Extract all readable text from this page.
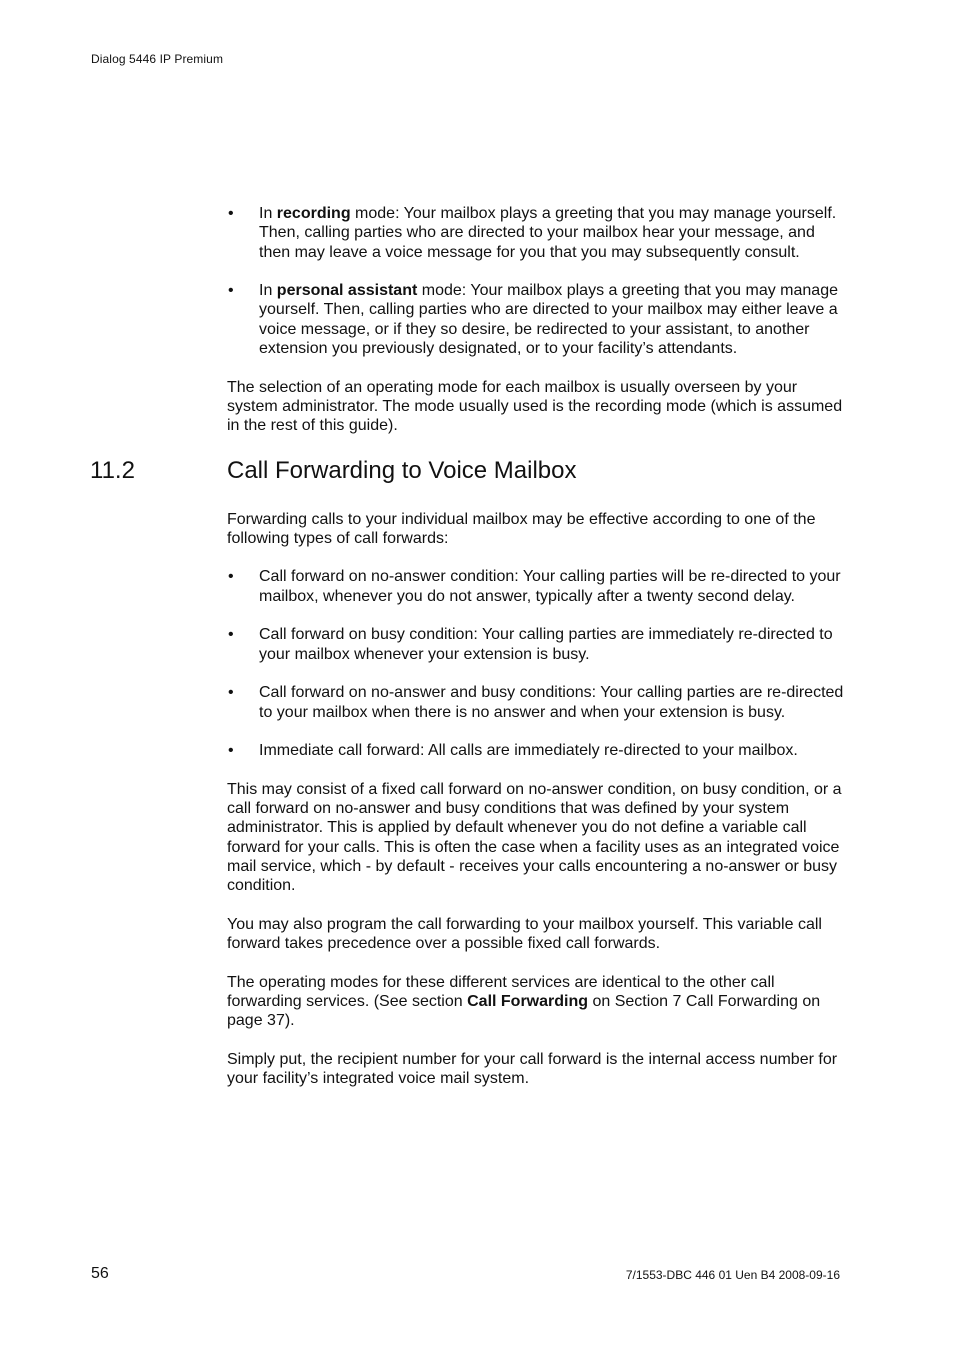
Dialog 5446 IP Premium
• In recording mode: Your mailbox plays a greeting that you may manage yourself. Then, calling parties who are directed to your mailbox hear your message, and then may leave a voice message for you that you may subsequently consult.
• In personal assistant mode: Your mailbox plays a greeting that you may manage yourself. Then, calling parties who are directed to your mailbox may either leave a voice message, or if they so desire, be redirected to your assistant, to another extension you previously designated, or to your facility’s attendants.

The selection of an operating mode for each mailbox is usually overseen by your system administrator. The mode usually used is the recording mode (which is assumed in the rest of this guide).

11.2	Call Forwarding to Voice Mailbox

Forwarding calls to your individual mailbox may be effective according to one of the following types of call forwards:

• Call forward on no-answer condition: Your calling parties will be re-directed to your mailbox, whenever you do not answer, typically after a twenty second delay.
• Call forward on busy condition: Your calling parties are immediately re-directed to your mailbox whenever your extension is busy.
• Call forward on no-answer and busy conditions: Your calling parties are re-directed to your mailbox when there is no answer and when your extension is busy.
• Immediate call forward: All calls are immediately re-directed to your mailbox.

This may consist of a fixed call forward on no-answer condition, on busy condition, or a call forward on no-answer and busy conditions that was defined by your system administrator. This is applied by default whenever you do not define a variable call forward for your calls. This is often the case when a facility uses as an integrated voice mail service, which - by default - receives your calls encountering a no-answer or busy condition.

You may also program the call forwarding to your mailbox yourself. This variable call forward takes precedence over a possible fixed call forwards.

The operating modes for these different services are identical to the other call forwarding services. (See section Call Forwarding on Section 7 Call Forwarding on page 37).

Simply put, the recipient number for your call forward is the internal access number for your facility’s integrated voice mail system.

56	7/1553-DBC 446 01 Uen B4 2008-09-16
